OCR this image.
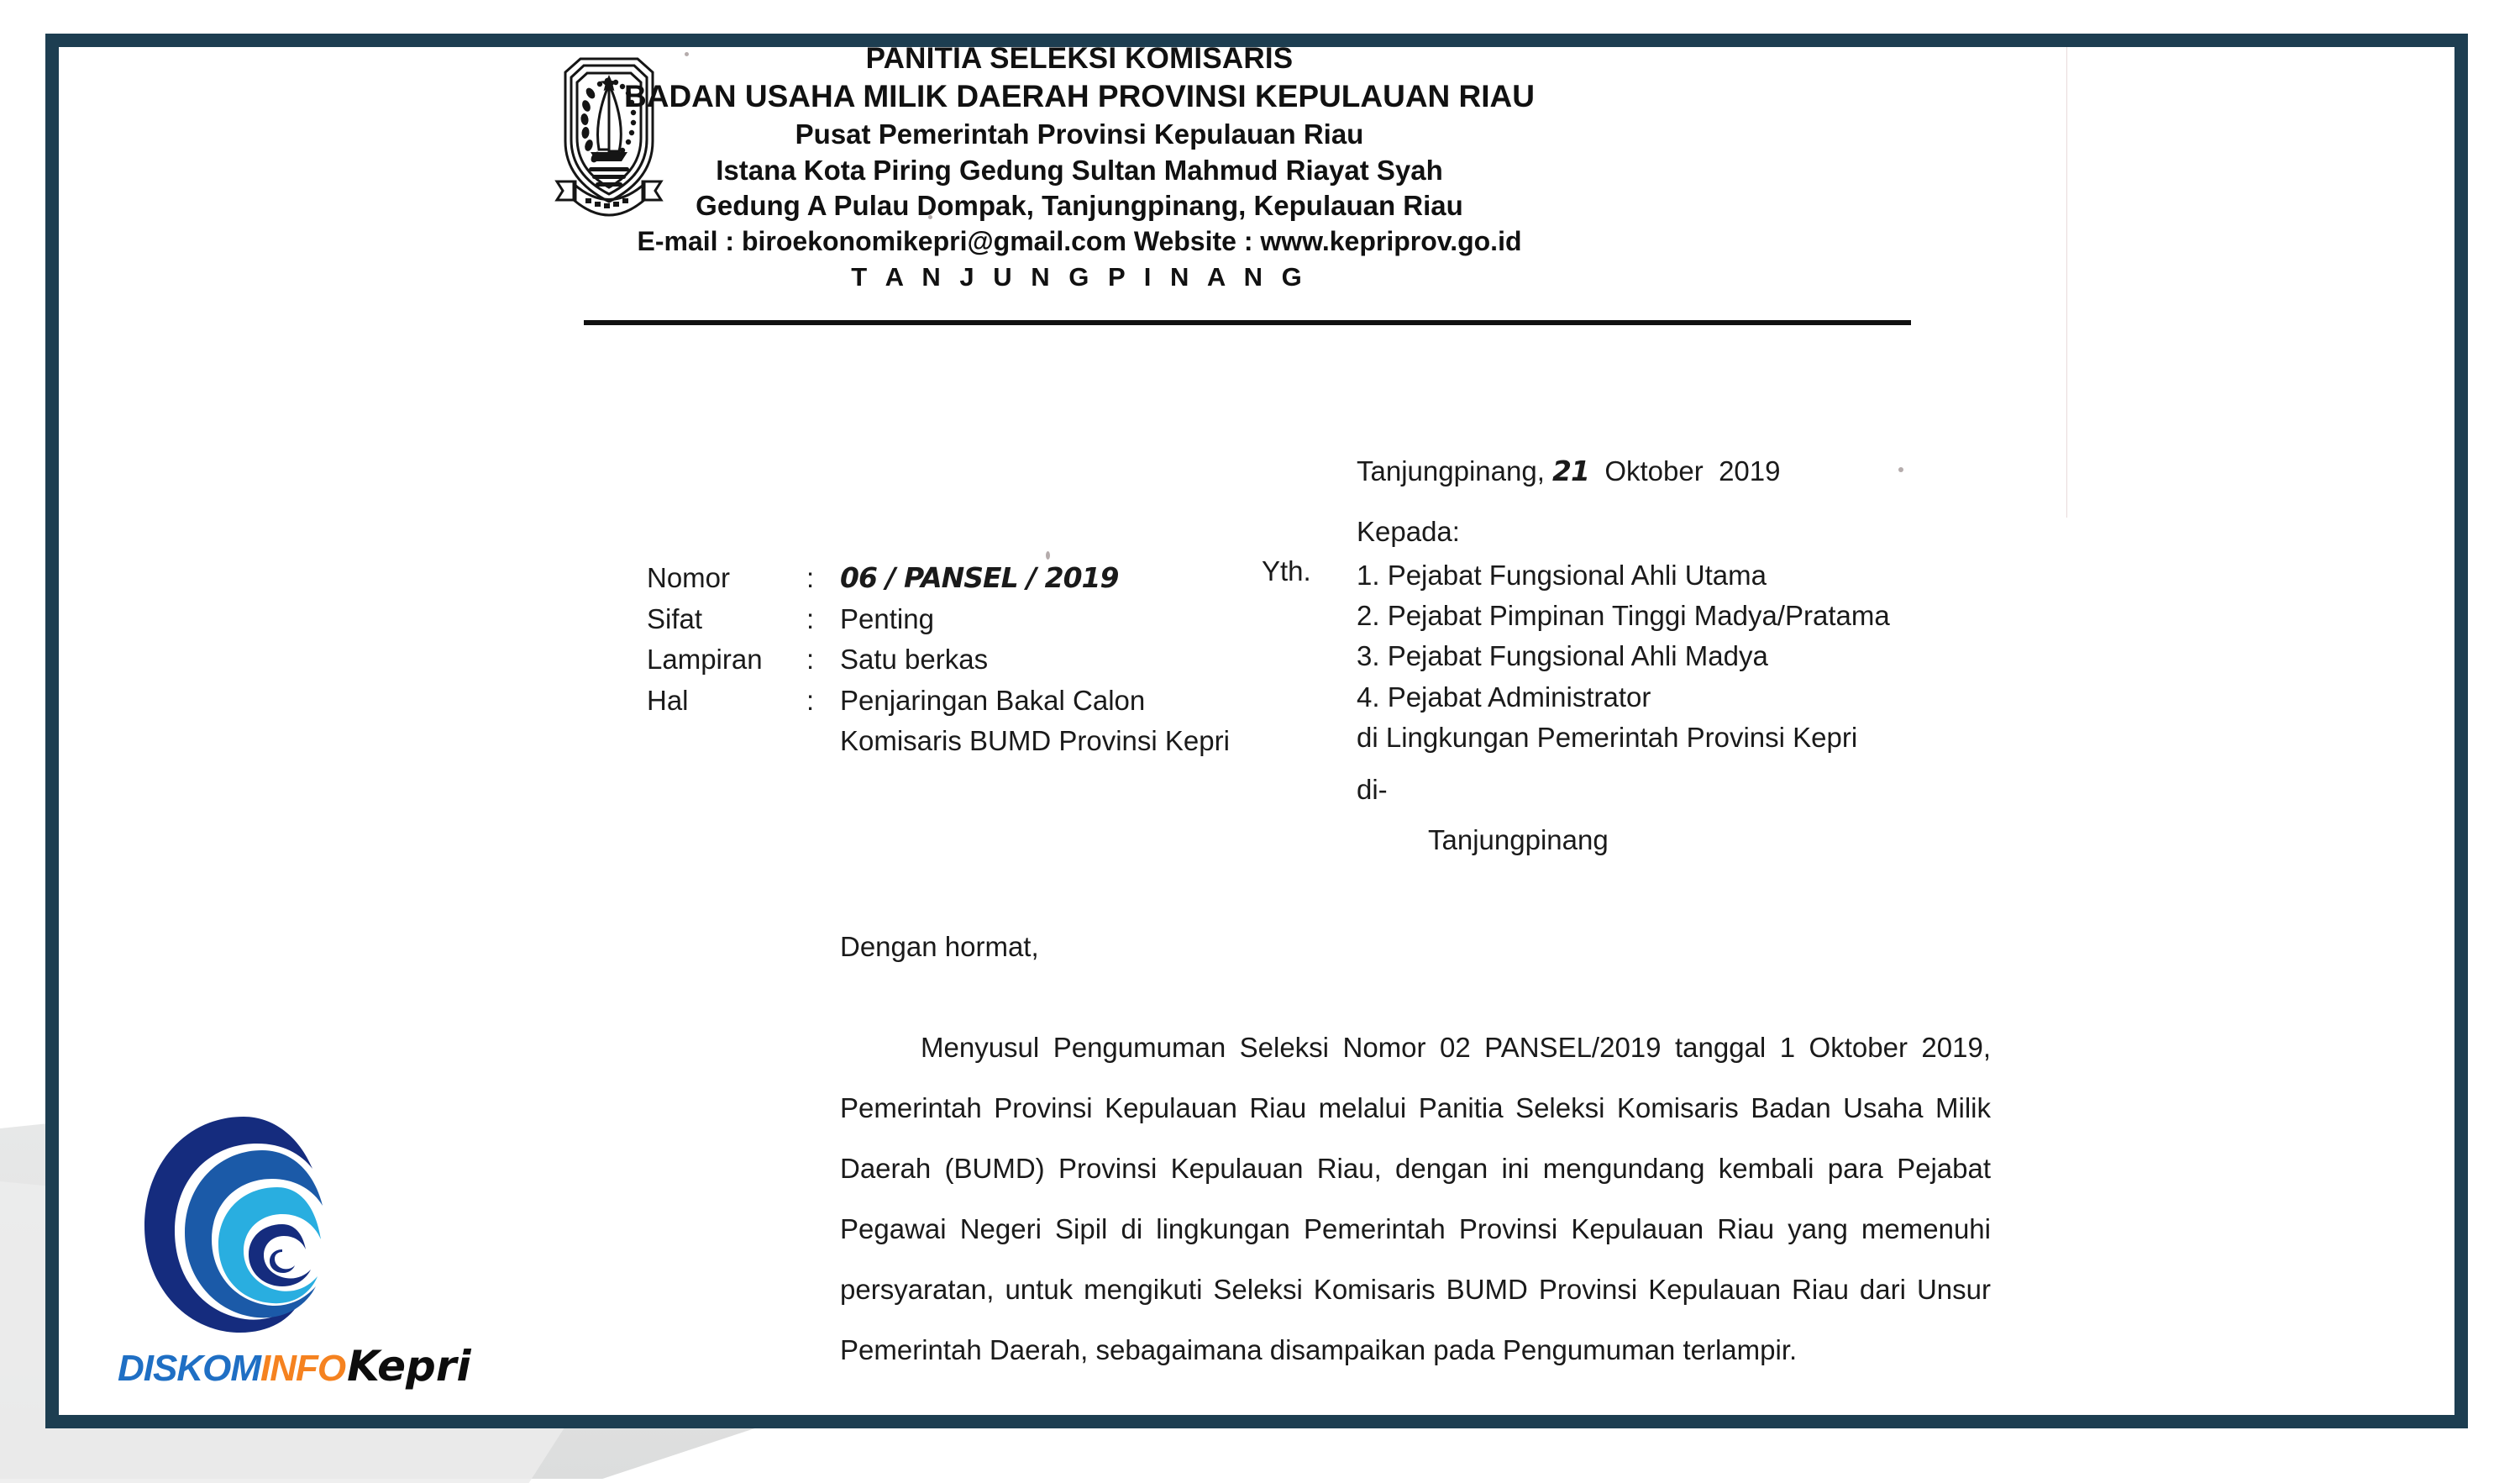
PANITIA SELEKSI KOMISARIS
BADAN USAHA MILIK DAERAH PROVINSI KEPULAUAN RIAU
Pusat Pemerintah Provinsi Kepulauan Riau
Istana Kota Piring Gedung Sultan Mahmud Riayat Syah
Gedung A Pulau Dompak, Tanjungpinang, Kepulauan Riau
E-mail : biroekonomikepri@gmail.com Website : www.kepriprov.go.id
T A N J U N G P I N A N G
Tanjungpinang, 21 Oktober 2019
Nomor	: 06 / PANSEL / 2019
Sifat	: Penting
Lampiran	: Satu berkas
Hal	: Penjaringan Bakal Calon
Komisaris BUMD Provinsi Kepri
Kepada:
Yth. 1. Pejabat Fungsional Ahli Utama
2. Pejabat Pimpinan Tinggi Madya/Pratama
3. Pejabat Fungsional Ahli Madya
4. Pejabat Administrator
di Lingkungan Pemerintah Provinsi Kepri
di-
Tanjungpinang
Dengan hormat,
Menyusul Pengumuman Seleksi Nomor 02 PANSEL/2019 tanggal 1 Oktober 2019, Pemerintah Provinsi Kepulauan Riau melalui Panitia Seleksi Komisaris Badan Usaha Milik Daerah (BUMD) Provinsi Kepulauan Riau, dengan ini mengundang kembali para Pejabat Pegawai Negeri Sipil di lingkungan Pemerintah Provinsi Kepulauan Riau yang memenuhi persyaratan, untuk mengikuti Seleksi Komisaris BUMD Provinsi Kepulauan Riau dari Unsur Pemerintah Daerah, sebagaimana disampaikan pada Pengumuman terlampir.
DISKOMINFOKepri
